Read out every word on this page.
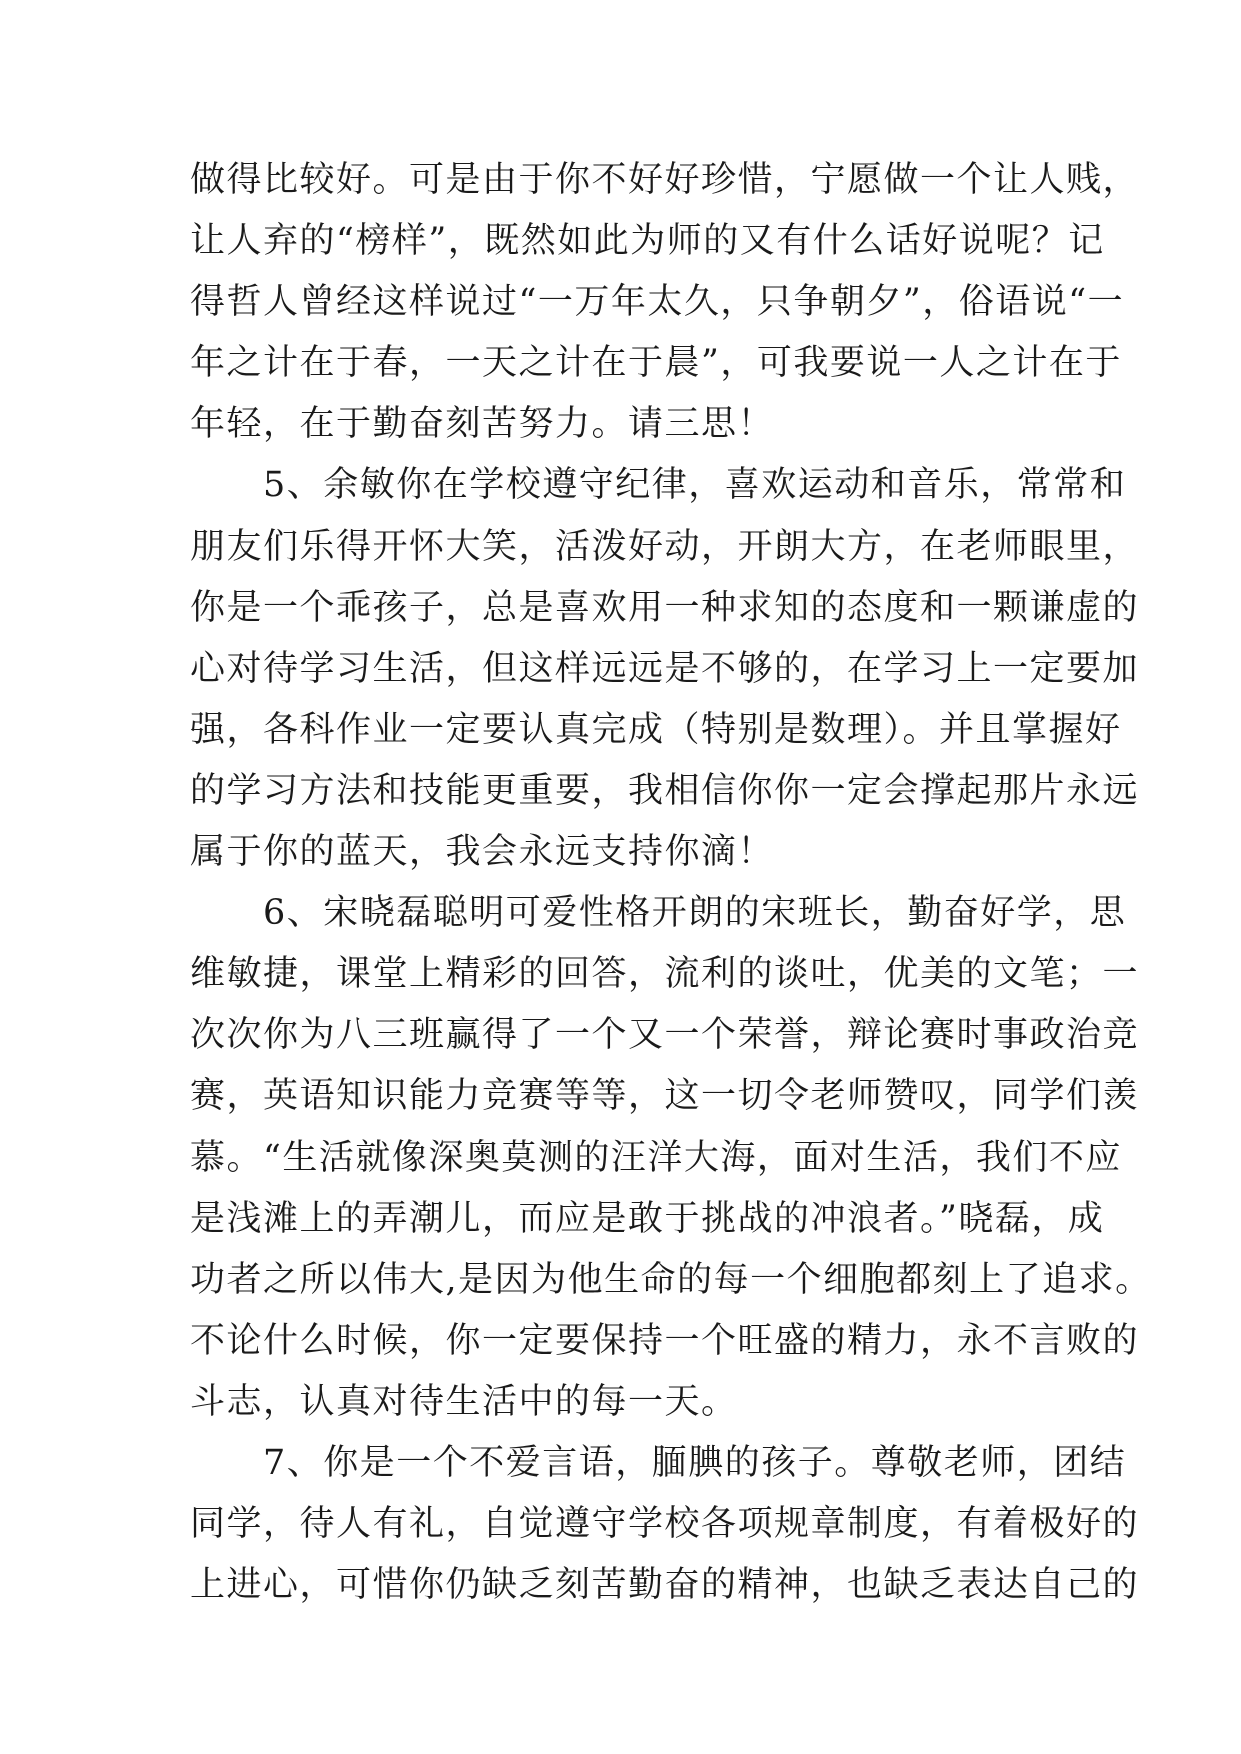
做得比较好。可是由于你不好好珍惜，宁愿做一个让人贱，
让人弃的“榜样”，既然如此为师的又有什么话好说呢？记
得哲人曾经这样说过“一万年太久，只争朝夕”，俗语说“一
年之计在于春，一天之计在于晨”，可我要说一人之计在于
年轻，在于勤奋刻苦努力。请三思！
　　5、余敏你在学校遵守纪律，喜欢运动和音乐，常常和
朋友们乐得开怀大笑，活泼好动，开朗大方，在老师眼里，
你是一个乖孩子，总是喜欢用一种求知的态度和一颗谦虚的
心对待学习生活，但这样远远是不够的，在学习上一定要加
强，各科作业一定要认真完成（特别是数理）。并且掌握好
的学习方法和技能更重要，我相信你你一定会撑起那片永远
属于你的蓝天，我会永远支持你滴！
　　6、宋晓磊聪明可爱性格开朗的宋班长，勤奋好学，思
维敏捷，课堂上精彩的回答，流利的谈吐，优美的文笔；一
次次你为八三班赢得了一个又一个荣誉，辩论赛时事政治竞
赛，英语知识能力竞赛等等，这一切令老师赞叹，同学们羡
慕。“生活就像深奥莫测的汪洋大海，面对生活，我们不应
是浅滩上的弄潮儿，而应是敢于挑战的冲浪者。”晓磊，成
功者之所以伟大,是因为他生命的每一个细胞都刻上了追求。
不论什么时候，你一定要保持一个旺盛的精力，永不言败的
斗志，认真对待生活中的每一天。
　　7、你是一个不爱言语，腼腆的孩子。尊敬老师，团结
同学，待人有礼，自觉遵守学校各项规章制度，有着极好的
上进心，可惜你仍缺乏刻苦勤奋的精神，也缺乏表达自己的
